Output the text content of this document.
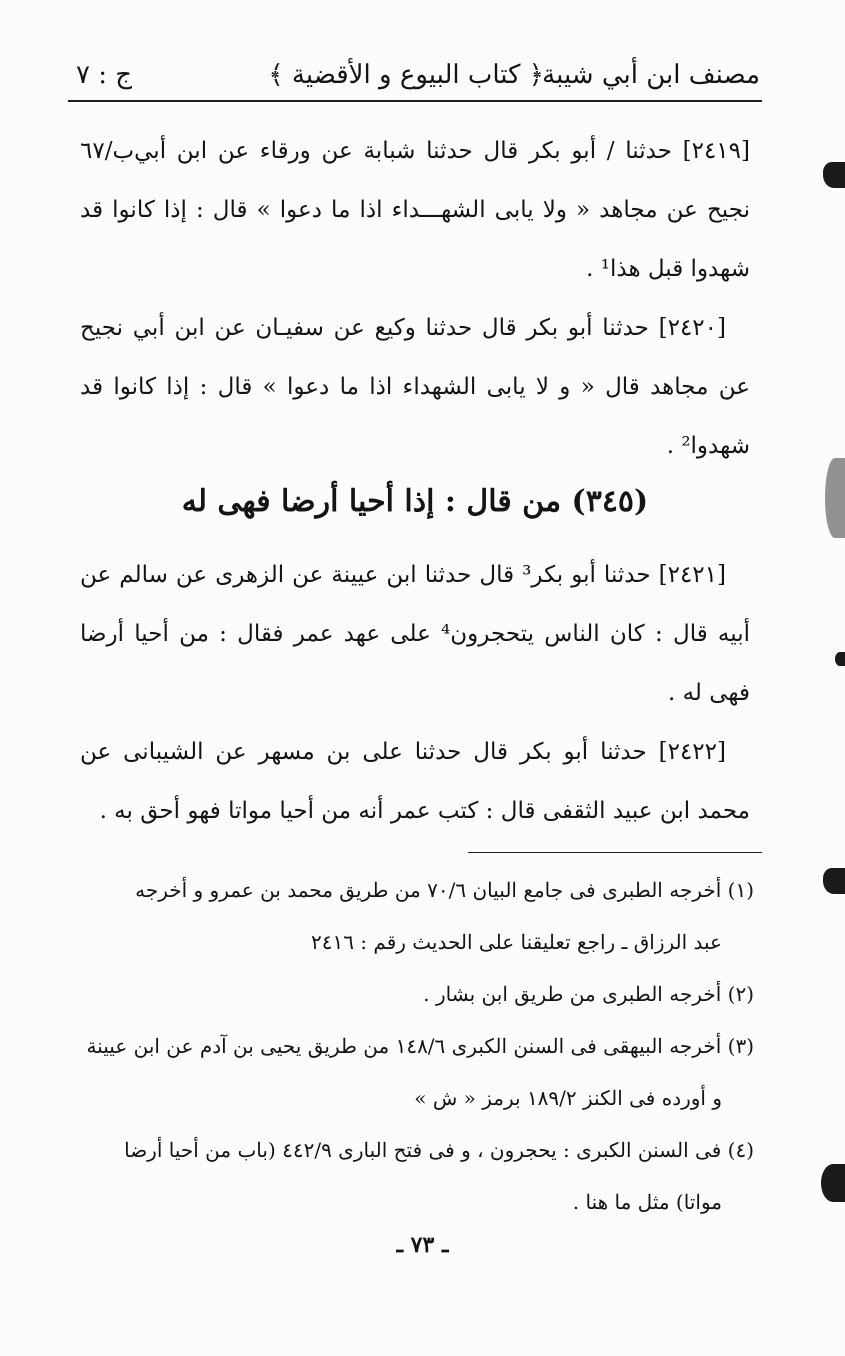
مصنف ابن أبي شيبة
﴿ كتاب البيوع و الأقضية ﴾
ج : ٧

ب/٦٧ [٢٤١٩] حدثنا / أبو بكر قال حدثنا شبابة عن ورقاء عن ابن أبي نجيح عن مجاهد « ولا يابى الشهـــداء اذا ما دعوا » قال : إذا كانوا قد شهدوا قبل هذا¹ .

[٢٤٢٠] حدثنا أبو بكر قال حدثنا وكيع عن سفيـان عن ابن أبي نجيح عن مجاهد قال « و لا يابى الشهداء اذا ما دعوا » قال : إذا كانوا قد شهدوا² .

(٣٤٥) من قال : إذا أحيا أرضا فهى له

[٢٤٢١] حدثنا أبو بكر³ قال حدثنا ابن عيينة عن الزهرى عن سالم عن أبيه قال : كان الناس يتحجرون⁴ على عهد عمر فقال : من أحيا أرضا فهى له .

[٢٤٢٢] حدثنا أبو بكر قال حدثنا على بن مسهر عن الشيبانى عن محمد ابن عبيد الثقفى قال : كتب عمر أنه من أحيا مواتا فهو أحق به .

(١) أخرجه الطبرى فى جامع البيان ٧٠/٦ من طريق محمد بن عمرو و أخرجه
عبد الرزاق ـ راجع تعليقنا على الحديث رقم : ٢٤١٦

(٢) أخرجه الطبرى من طريق ابن بشار .

(٣) أخرجه البيهقى فى السنن الكبرى ١٤٨/٦ من طريق يحيى بن آدم عن ابن عيينة
و أورده فى الكنز ١٨٩/٢ برمز « ش »

(٤) فى السنن الكبرى : يحجرون ، و فى فتح البارى ٤٤٢/٩ (باب من أحيا أرضا
مواتا) مثل ما هنا .

ـ ٧٣ ـ
